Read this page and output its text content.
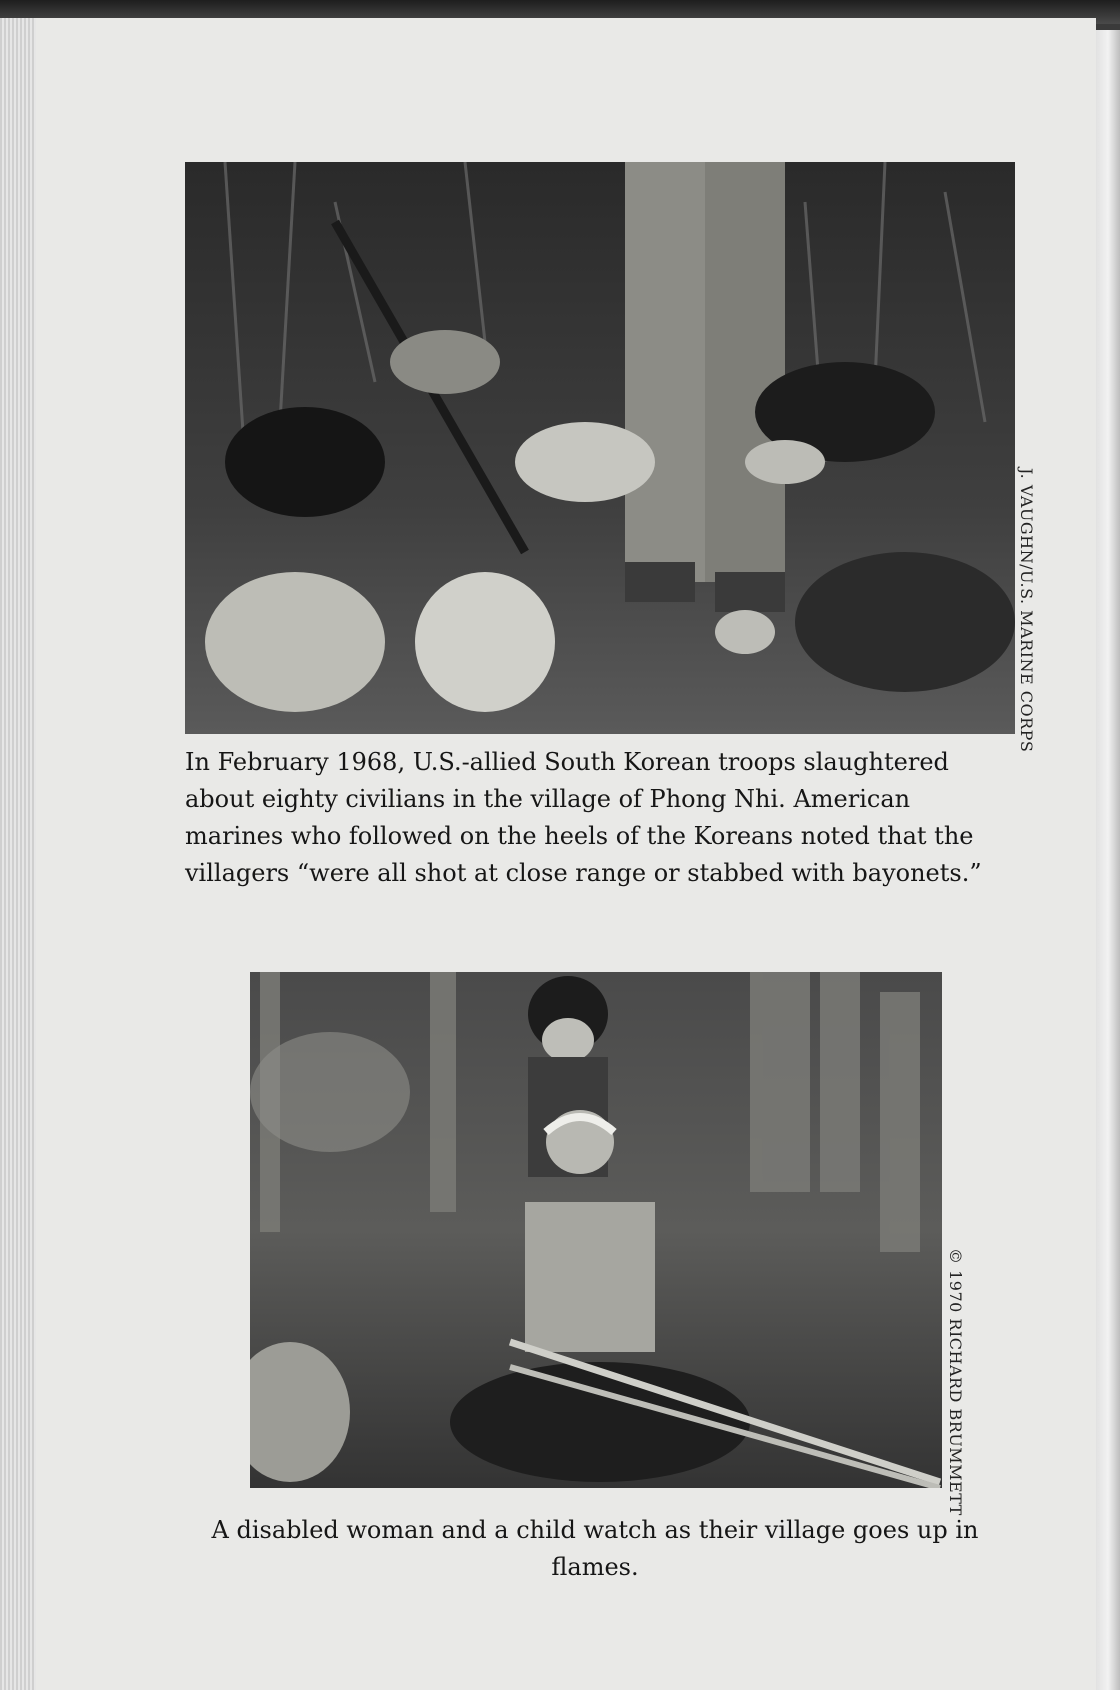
J. VAUGHN/U.S. MARINE CORPS
In February 1968, U.S.-allied South Korean troops slaughtered about eighty civilians in the village of Phong Nhi. American marines who followed on the heels of the Koreans noted that the villagers “were all shot at close range or stabbed with bayonets.”
© 1970 RICHARD BRUMMETT
A disabled woman and a child watch as their village goes up in flames.
